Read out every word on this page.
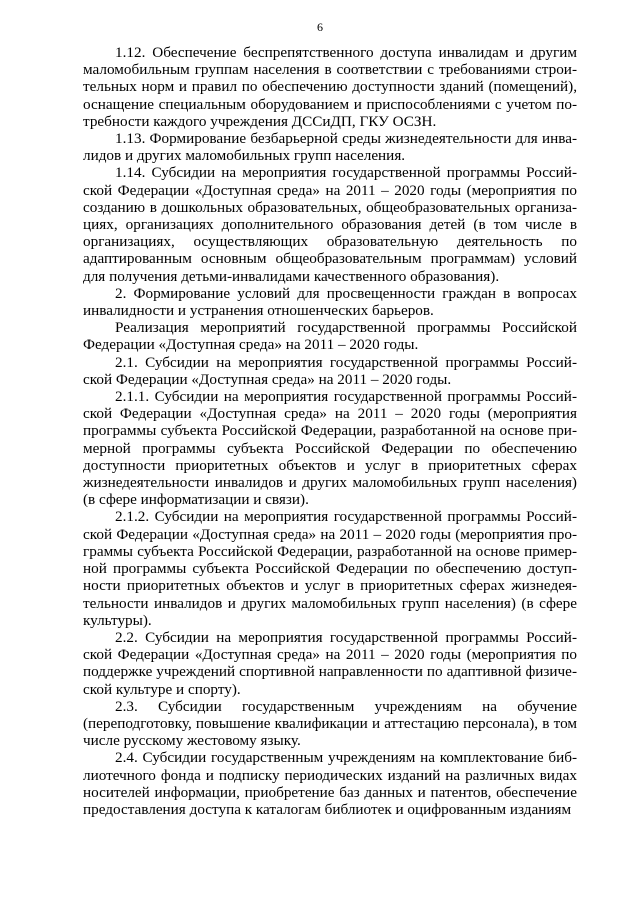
6

1.12. Обеспечение беспрепятственного доступа инвалидам и другим маломобильным группам населения в соответствии с требованиями строительных норм и правил по обеспечению доступности зданий (помещений), оснащение специальным оборудованием и приспособлениями с учетом потребности каждого учреждения ДССиДП, ГКУ ОСЗН.

1.13. Формирование безбарьерной среды жизнедеятельности для инвалидов и других маломобильных групп населения.

1.14. Субсидии на мероприятия государственной программы Российской Федерации «Доступная среда» на 2011 – 2020 годы (мероприятия по созданию в дошкольных образовательных, общеобразовательных организациях, организациях дополнительного образования детей (в том числе в организациях, осуществляющих образовательную деятельность по адаптированным основным общеобразовательным программам) условий для получения детьми-инвалидами качественного образования).

2. Формирование условий для просвещенности граждан в вопросах инвалидности и устранения отношенческих барьеров.

Реализация мероприятий государственной программы Российской Федерации «Доступная среда» на 2011 – 2020 годы.

2.1. Субсидии на мероприятия государственной программы Российской Федерации «Доступная среда» на 2011 – 2020 годы.

2.1.1. Субсидии на мероприятия государственной программы Российской Федерации «Доступная среда» на 2011 – 2020 годы (мероприятия программы субъекта Российской Федерации, разработанной на основе примерной программы субъекта Российской Федерации по обеспечению доступности приоритетных объектов и услуг в приоритетных сферах жизнедеятельности инвалидов и других маломобильных групп населения) (в сфере информатизации и связи).

2.1.2. Субсидии на мероприятия государственной программы Российской Федерации «Доступная среда» на 2011 – 2020 годы (мероприятия программы субъекта Российской Федерации, разработанной на основе примерной программы субъекта Российской Федерации по обеспечению доступности приоритетных объектов и услуг в приоритетных сферах жизнедеятельности инвалидов и других маломобильных групп населения) (в сфере культуры).

2.2. Субсидии на мероприятия государственной программы Российской Федерации «Доступная среда» на 2011 – 2020 годы (мероприятия по поддержке учреждений спортивной направленности по адаптивной физической культуре и спорту).

2.3. Субсидии государственным учреждениям на обучение (переподготовку, повышение квалификации и аттестацию персонала), в том числе русскому жестовому языку.

2.4. Субсидии государственным учреждениям на комплектование библиотечного фонда и подписку периодических изданий на различных видах носителей информации, приобретение баз данных и патентов, обеспечение предоставления доступа к каталогам библиотек и оцифрованным изданиям
